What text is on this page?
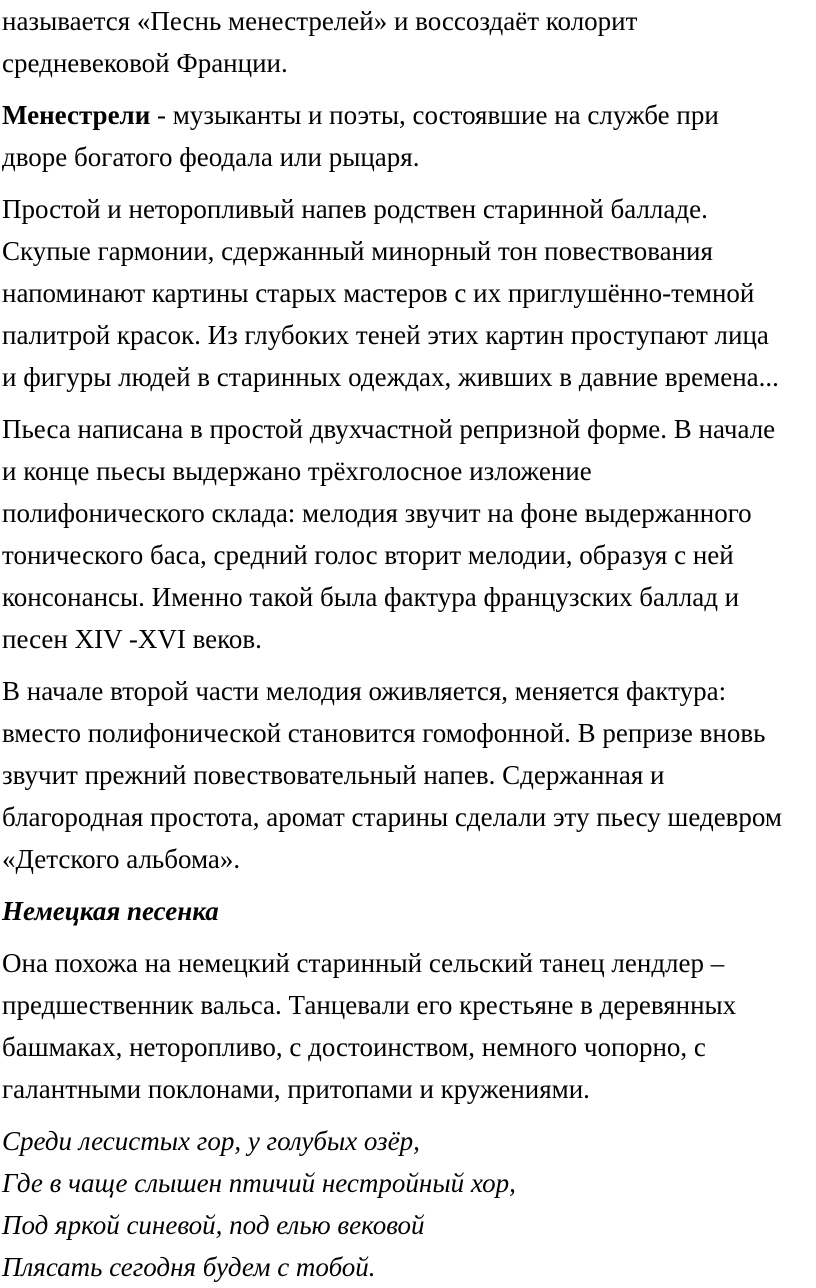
называется «Песнь менестрелей» и воссоздаёт колорит
средневековой Франции.
Менестрели - музыканты и поэты, состоявшие на службе при
дворе богатого феодала или рыцаря.
Простой и неторопливый напев родствен старинной балладе.
Скупые гармонии, сдержанный минорный тон повествования
напоминают картины старых мастеров с их приглушённо-темной
палитрой красок. Из глубоких теней этих картин проступают лица
и фигуры людей в старинных одеждах, живших в давние времена...
Пьеса написана в простой двухчастной репризной форме. В начале
и конце пьесы выдержано трёхголосное изложение
полифонического склада: мелодия звучит на фоне выдержанного
тонического баса, средний голос вторит мелодии, образуя с ней
консонансы. Именно такой была фактура французских баллад и
песен XIV -XVI веков.
В начале второй части мелодия оживляется, меняется фактура:
вместо полифонической становится гомофонной. В репризе вновь
звучит прежний повествовательный напев. Сдержанная и
благородная простота, аромат старины сделали эту пьесу шедевром
«Детского альбома».
Немецкая песенка
Она похожа на немецкий старинный сельский танец лендлер –
предшественник вальса. Танцевали его крестьяне в деревянных
башмаках, неторопливо, с достоинством, немного чопорно, с
галантными поклонами, притопами и кружениями.
Среди лесистых гор, у голубых озёр,
Где в чаще слышен птичий нестройный хор,
Под яркой синевой, под елью вековой
Плясать сегодня будем с тобой.
